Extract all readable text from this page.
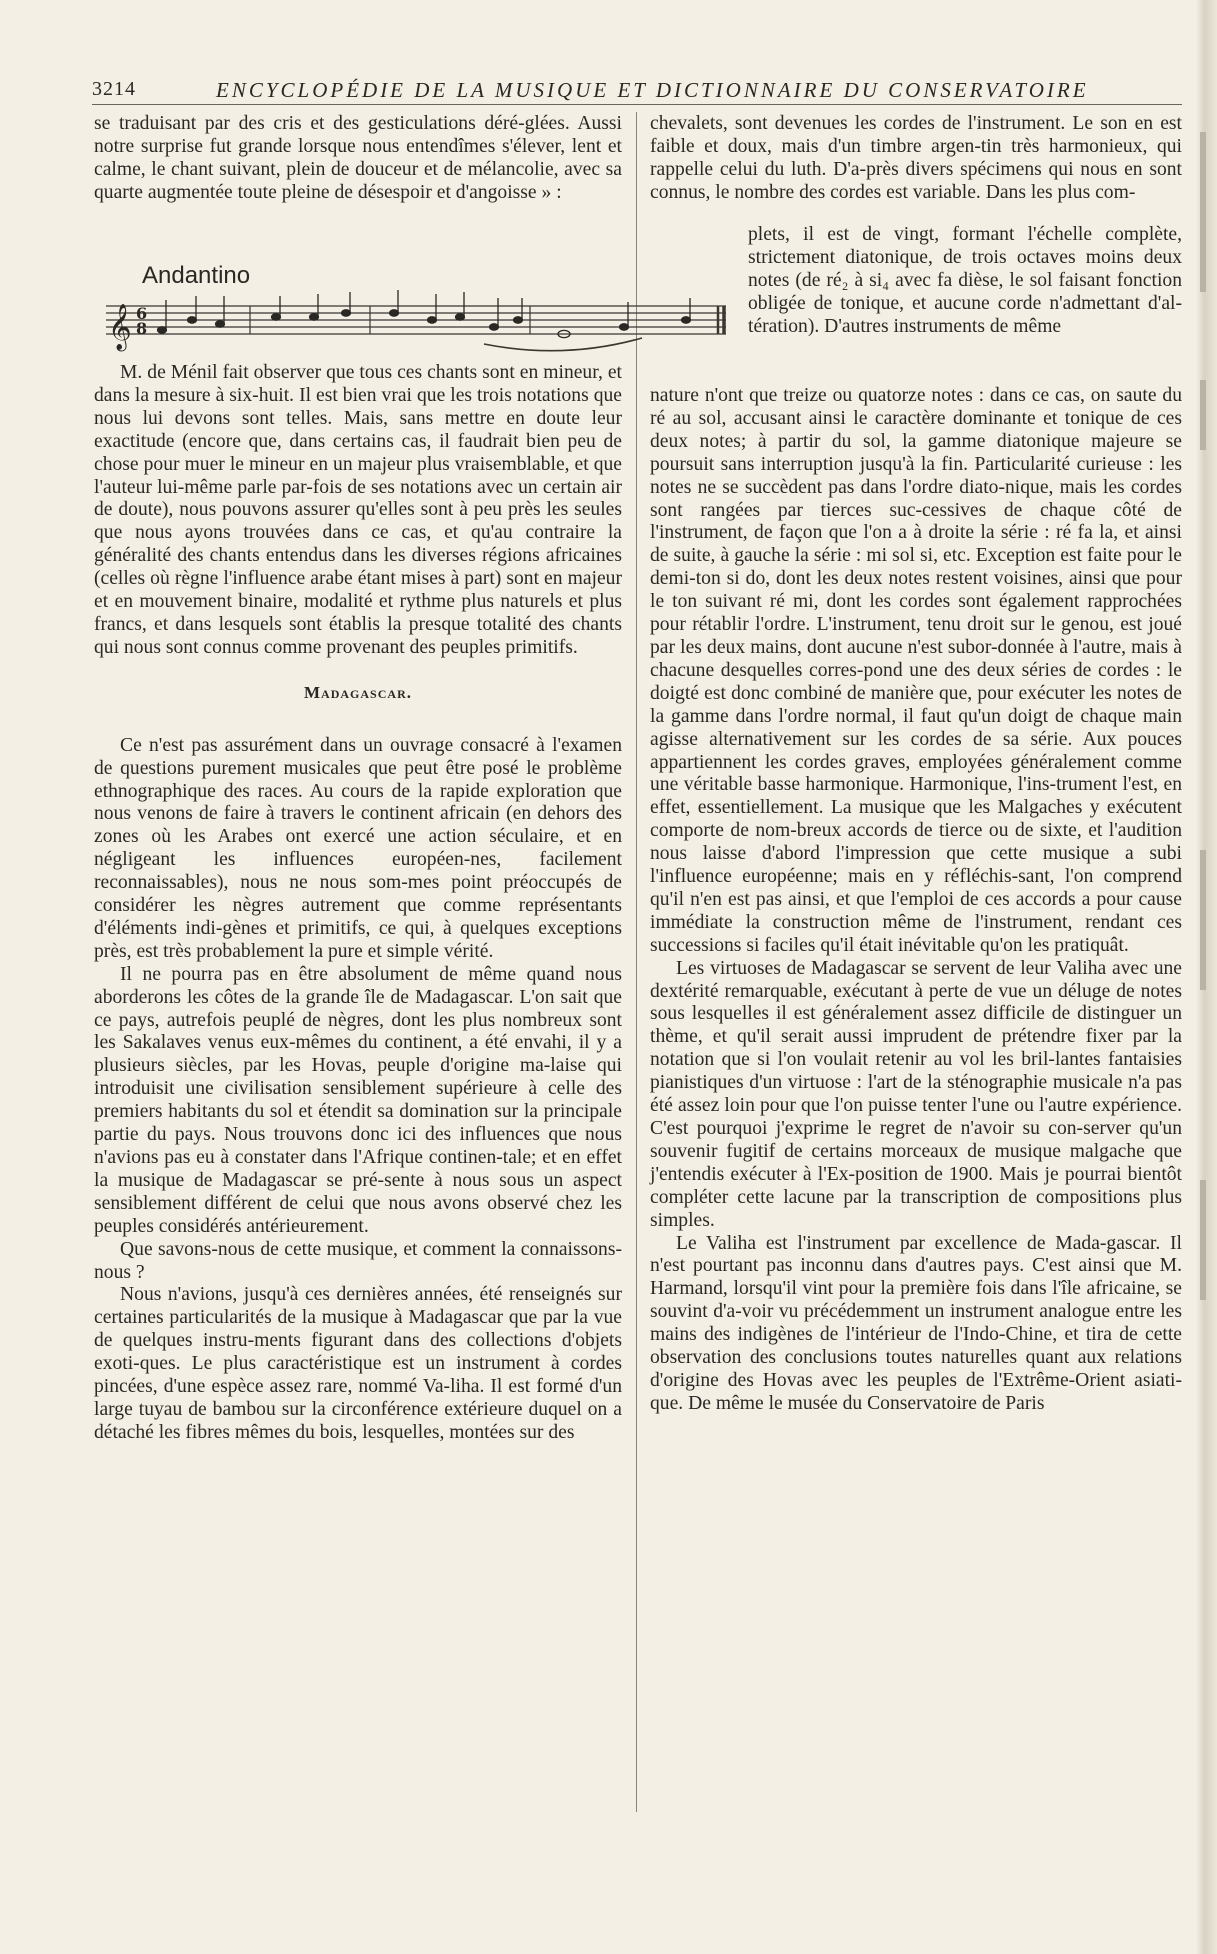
3214	ENCYCLOPÉDIE DE LA MUSIQUE ET DICTIONNAIRE DU CONSERVATOIRE

se traduisant par des cris et des gesticulations déré-glées. Aussi notre surprise fut grande lorsque nous entendîmes s'élever, lent et calme, le chant suivant, plein de douceur et de mélancolie, avec sa quarte augmentée toute pleine de désespoir et d'angoisse » :

Andantino
𝄞 6
8

M. de Ménil fait observer que tous ces chants sont en mineur, et dans la mesure à six-huit. Il est bien vrai que les trois notations que nous lui devons sont telles. Mais, sans mettre en doute leur exactitude (encore que, dans certains cas, il faudrait bien peu de chose pour muer le mineur en un majeur plus vraisemblable, et que l'auteur lui-même parle par-fois de ses notations avec un certain air de doute), nous pouvons assurer qu'elles sont à peu près les seules que nous ayons trouvées dans ce cas, et qu'au contraire la généralité des chants entendus dans les diverses régions africaines (celles où règne l'influence arabe étant mises à part) sont en majeur et en mouvement binaire, modalité et rythme plus naturels et plus francs, et dans lesquels sont établis la presque totalité des chants qui nous sont connus comme provenant des peuples primitifs.

Madagascar.

Ce n'est pas assurément dans un ouvrage consacré à l'examen de questions purement musicales que peut être posé le problème ethnographique des races. Au cours de la rapide exploration que nous venons de faire à travers le continent africain (en dehors des zones où les Arabes ont exercé une action séculaire, et en négligeant les influences européen-nes, facilement reconnaissables), nous ne nous som-mes point préoccupés de considérer les nègres autrement que comme représentants d'éléments indi-gènes et primitifs, ce qui, à quelques exceptions près, est très probablement la pure et simple vérité.

Il ne pourra pas en être absolument de même quand nous aborderons les côtes de la grande île de Madagascar. L'on sait que ce pays, autrefois peuplé de nègres, dont les plus nombreux sont les Sakalaves venus eux-mêmes du continent, a été envahi, il y a plusieurs siècles, par les Hovas, peuple d'origine ma-laise qui introduisit une civilisation sensiblement supérieure à celle des premiers habitants du sol et étendit sa domination sur la principale partie du pays. Nous trouvons donc ici des influences que nous n'avions pas eu à constater dans l'Afrique continen-tale; et en effet la musique de Madagascar se pré-sente à nous sous un aspect sensiblement différent de celui que nous avons observé chez les peuples considérés antérieurement.

Que savons-nous de cette musique, et comment la connaissons-nous ?

Nous n'avions, jusqu'à ces dernières années, été renseignés sur certaines particularités de la musique à Madagascar que par la vue de quelques instru-ments figurant dans des collections d'objets exoti-ques. Le plus caractéristique est un instrument à cordes pincées, d'une espèce assez rare, nommé Va-liha. Il est formé d'un large tuyau de bambou sur la circonférence extérieure duquel on a détaché les fibres mêmes du bois, lesquelles, montées sur des

chevalets, sont devenues les cordes de l'instrument. Le son en est faible et doux, mais d'un timbre argen-tin très harmonieux, qui rappelle celui du luth. D'a-près divers spécimens qui nous en sont connus, le nombre des cordes est variable. Dans les plus com-

plets, il est de vingt, formant l'échelle complète, strictement diatonique, de trois octaves moins deux notes (de ré₂ à si₄ avec fa dièse, le sol faisant fonction obligée de tonique, et aucune corde n'admettant d'al-tération). D'autres instruments de même

nature n'ont que treize ou quatorze notes : dans ce cas, on saute du ré au sol, accusant ainsi le caractère dominante et tonique de ces deux notes; à partir du sol, la gamme diatonique majeure se poursuit sans interruption jusqu'à la fin. Particularité curieuse : les notes ne se succèdent pas dans l'ordre diato-nique, mais les cordes sont rangées par tierces suc-cessives de chaque côté de l'instrument, de façon que l'on a à droite la série : ré fa la, et ainsi de suite, à gauche la série : mi sol si, etc. Exception est faite pour le demi-ton si do, dont les deux notes restent voisines, ainsi que pour le ton suivant ré mi, dont les cordes sont également rapprochées pour rétablir l'ordre. L'instrument, tenu droit sur le genou, est joué par les deux mains, dont aucune n'est subor-donnée à l'autre, mais à chacune desquelles corres-pond une des deux séries de cordes : le doigté est donc combiné de manière que, pour exécuter les notes de la gamme dans l'ordre normal, il faut qu'un doigt de chaque main agisse alternativement sur les cordes de sa série. Aux pouces appartiennent les cordes graves, employées généralement comme une véritable basse harmonique. Harmonique, l'ins-trument l'est, en effet, essentiellement. La musique que les Malgaches y exécutent comporte de nom-breux accords de tierce ou de sixte, et l'audition nous laisse d'abord l'impression que cette musique a subi l'influence européenne; mais en y réfléchis-sant, l'on comprend qu'il n'en est pas ainsi, et que l'emploi de ces accords a pour cause immédiate la construction même de l'instrument, rendant ces successions si faciles qu'il était inévitable qu'on les pratiquât.

Les virtuoses de Madagascar se servent de leur Valiha avec une dextérité remarquable, exécutant à perte de vue un déluge de notes sous lesquelles il est généralement assez difficile de distinguer un thème, et qu'il serait aussi imprudent de prétendre fixer par la notation que si l'on voulait retenir au vol les bril-lantes fantaisies pianistiques d'un virtuose : l'art de la sténographie musicale n'a pas été assez loin pour que l'on puisse tenter l'une ou l'autre expérience. C'est pourquoi j'exprime le regret de n'avoir su con-server qu'un souvenir fugitif de certains morceaux de musique malgache que j'entendis exécuter à l'Ex-position de 1900. Mais je pourrai bientôt compléter cette lacune par la transcription de compositions plus simples.

Le Valiha est l'instrument par excellence de Mada-gascar. Il n'est pourtant pas inconnu dans d'autres pays. C'est ainsi que M. Harmand, lorsqu'il vint pour la première fois dans l'île africaine, se souvint d'a-voir vu précédemment un instrument analogue entre les mains des indigènes de l'intérieur de l'Indo-Chine, et tira de cette observation des conclusions toutes naturelles quant aux relations d'origine des Hovas avec les peuples de l'Extrême-Orient asiati-que. De même le musée du Conservatoire de Paris
